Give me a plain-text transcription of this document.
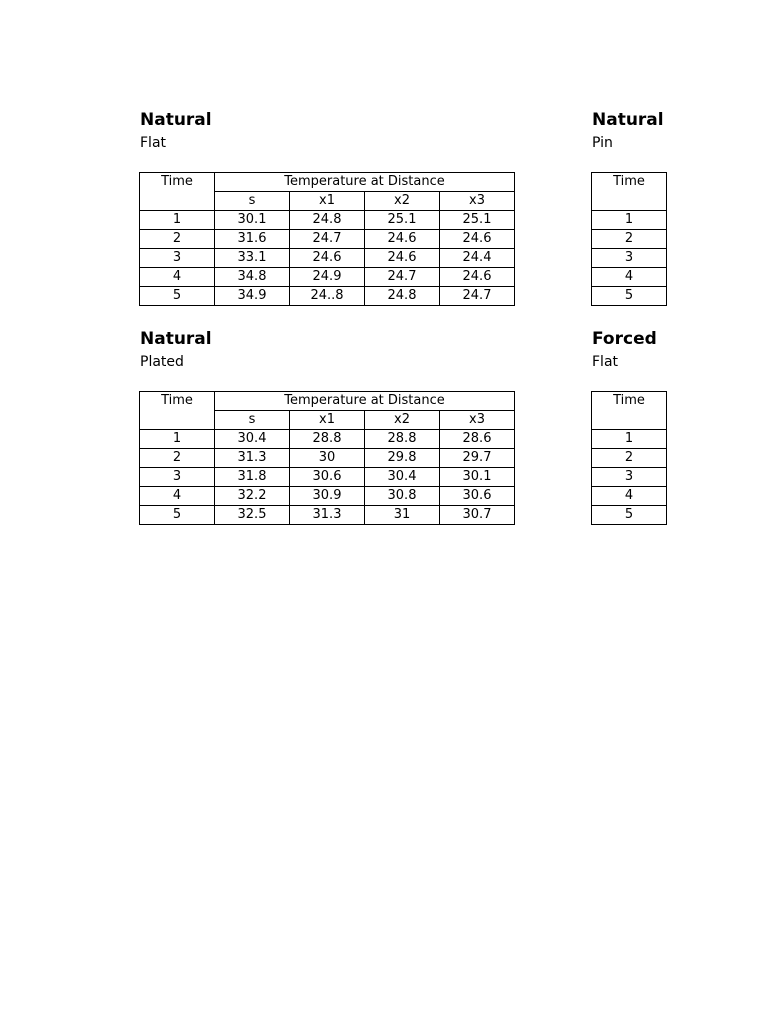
Natural
Flat
Time	Temperature at Distance			
	s	x1	x2	x3
1	30.1	24.8	25.1	25.1
2	31.6	24.7	24.6	24.6
3	33.1	24.6	24.6	24.4
4	34.8	24.9	24.7	24.6
5	34.9	24..8	24.8	24.7
Natural
Pin
Time

1
2
3
4
5
Natural
Plated
Time	Temperature at Distance			
	s	x1	x2	x3
1	30.4	28.8	28.8	28.6
2	31.3	30	29.8	29.7
3	31.8	30.6	30.4	30.1
4	32.2	30.9	30.8	30.6
5	32.5	31.3	31	30.7
Forced
Flat
Time

1
2
3
4
5
